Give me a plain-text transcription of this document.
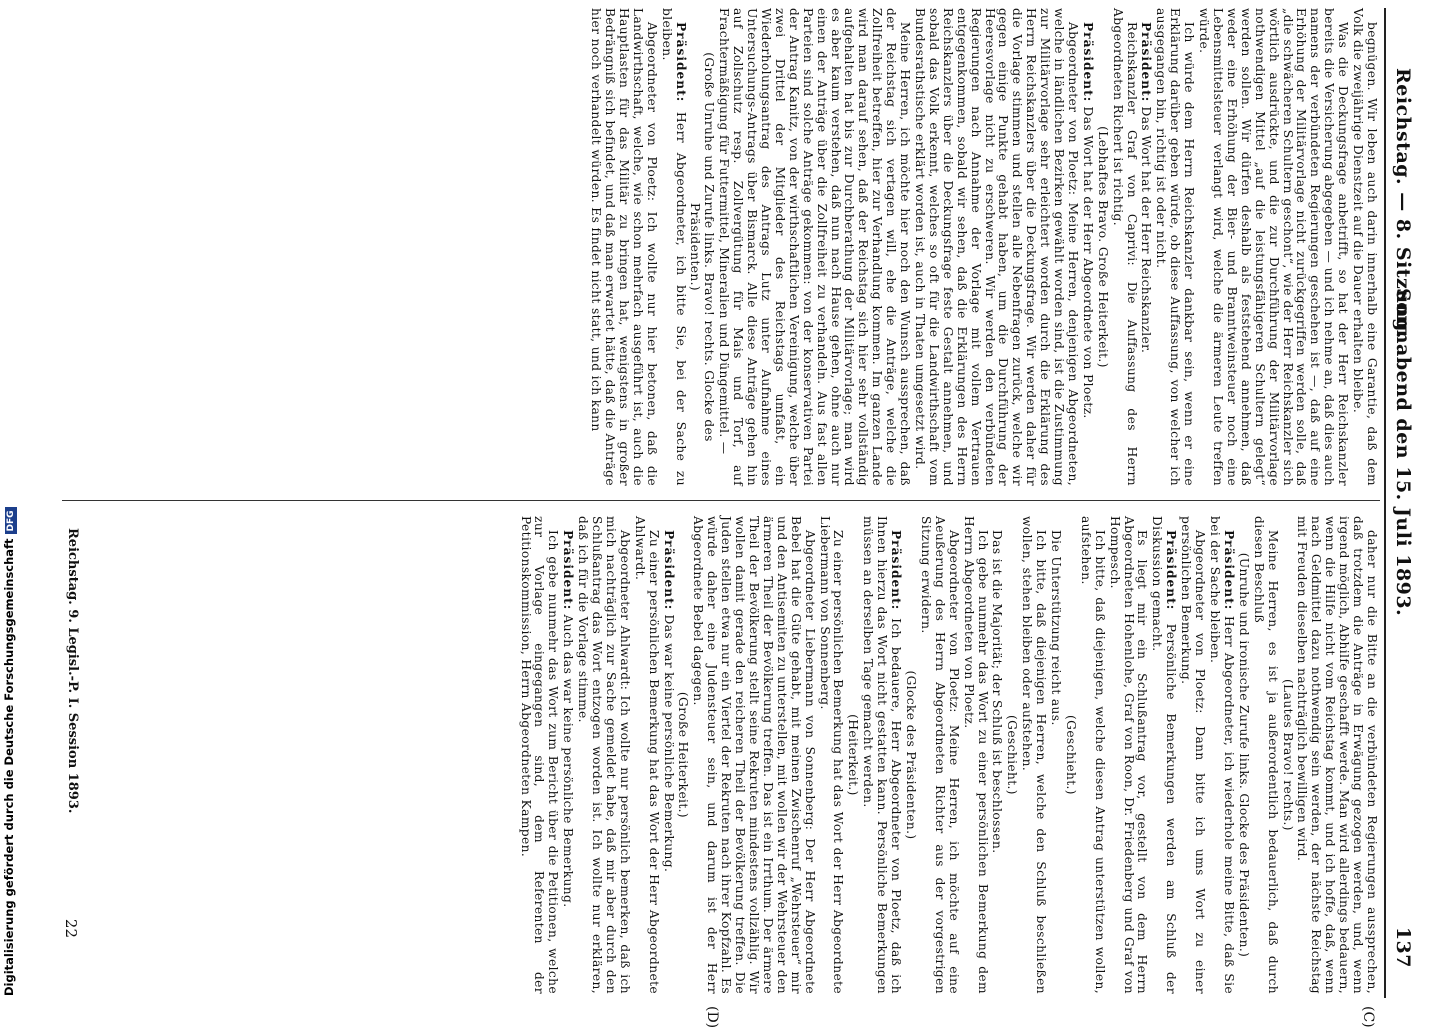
Reichstag. — 8. Sitzung.
Sonnabend den 15. Juli 1893.
137
(C)
(D)

begnügen. Wir leben auch darin innerhalb eine Garantie, daß dem Volk die zweijährige Dienstzeit auf die Dauer erhalten bleibe.

Was die Deckungsfrage anbetrifft, so hat der Herr Reichskanzler bereits die Versicherung abgegeben — und ich nehme an, daß dies auch namens der verbündeten Regierungen geschehen ist —, daß auf eine Erhöhung der Militärvorlage nicht zurückgegriffen werden solle, daß „die schwächeren Schultern geschont“, wie der Herr Reichskanzler sich wörtlich ausdrückte, und die zur Durchführung der Militärvorlage nothwendigen Mittel „auf die leistungsfähigeren Schultern gelegt“ werden sollen. Wir dürfen deshalb als feststehend annehmen, daß weder eine Erhöhung der Bier- und Branntweinsteuer noch eine Lebensmittelsteuer verlangt wird, welche die ärmeren Leute treffen würde.

Ich würde dem Herrn Reichskanzler dankbar sein, wenn er eine Erklärung darüber geben würde, ob diese Auffassung, von welcher ich ausgegangen bin, richtig ist oder nicht.

Präsident: Das Wort hat der Herr Reichskanzler.

Reichskanzler Graf von Caprivi: Die Auffassung des Herrn Abgeordneten Richert ist richtig.

(Lebhaftes Bravo. Große Heiterkeit.)

Präsident: Das Wort hat der Herr Abgeordnete von Ploetz.

Abgeordneter von Ploetz: Meine Herren, denjenigen Abgeordneten, welche in ländlichen Bezirken gewählt worden sind, ist die Zustimmung zur Militärvorlage sehr erleichtert worden durch die Erklärung des Herrn Reichskanzlers über die Deckungsfrage. Wir werden daher für die Vorlage stimmen und stellen alle Nebenfragen zurück, welche wir gegen einige Punkte gehabt haben, um die Durchführung der Heeresvorlage nicht zu erschweren. Wir werden den verbündeten Regierungen nach Annahme der Vorlage mit vollem Vertrauen entgegenkommen, sobald wir sehen, daß die Erklärungen des Herrn Reichskanzlers über die Deckungsfrage feste Gestalt annehmen, und sobald das Volk erkennt, welches so oft für die Landwirthschaft vom Bundesrathstische erklärt worden ist, auch in Thaten umgesetzt wird.

Meine Herren, ich möchte hier noch den Wunsch aussprechen, daß der Reichstag sich vertagen will, ehe die Anträge, welche die Zollfreiheit betreffen, hier zur Verhandlung kommen. Im ganzen Lande wird man darauf sehen, daß der Reichstag sich hier sehr vollständig aufgehalten hat bis zur Durchberathung der Militärvorlage; man wird es aber kaum verstehen, daß nun nach Hause gehen, ohne auch nur einen der Anträge über die Zollfreiheit zu verhandeln. Aus fast allen Parteien sind solche Anträge gekommen: von der konservativen Partei der Antrag Kanitz, von der wirthschaftlichen Vereinigung, welche über zwei Drittel der Mitglieder des Reichstags umfaßt, ein Wiederholungsantrag des Antrags Lutz unter Aufnahme eines Untersuchungs-Antrags über Bismarck. Alle diese Anträge gehen hin auf Zollschutz resp. Zollvergütung für Mais und Torf, auf Frachtermäßigung für Futtermittel, Mineralien und Düngemittel. —

(Große Unruhe und Zurufe links. Bravo! rechts. Glocke des Präsidenten.)

Präsident: Herr Abgeordneter, ich bitte Sie, bei der Sache zu bleiben.

Abgeordneter von Ploetz: Ich wollte nur hier betonen, daß die Landwirthschaft, welche, wie schon mehrfach ausgeführt ist, auch die Hauptlasten für das Militär zu bringen hat, wenigstens in großer Bedrängniß sich befindet, und daß man erwartet hätte, daß die Anträge hier noch verhandelt würden. Es findet nicht statt, und ich kann

daher nur die Bitte an die verbündeten Regierungen aussprechen, daß trotzdem die Anträge in Erwägung gezogen werden, und, wenn irgend möglich, Abhilfe geschafft werde. Man wird allerdings bedauern, wenn die Hilfe nicht vom Reichstag kommt, und ich hoffe, daß, wenn nach Geldmittel dazu nothwendig sein werden, der nächste Reichstag mit Freuden dieselben nachträglich bewilligen wird.

(Lautes Bravo! rechts.)

Meine Herren, es ist ja außerordentlich bedauerlich, daß durch diesen Beschluß

(Unruhe und ironische Zurufe links. Glocke des Präsidenten.)

Präsident: Herr Abgeordneter, ich wiederhole meine Bitte, daß Sie bei der Sache bleiben.

Abgeordneter von Ploetz: Dann bitte ich ums Wort zu einer persönlichen Bemerkung.

Präsident: Persönliche Bemerkungen werden am Schluß der Diskussion gemacht.

Es liegt mir ein Schlußantrag vor, gestellt von dem Herrn Abgeordneten Hohenlohe, Graf von Roon, Dr. Friedenberg und Graf von Hompesch.

Ich bitte, daß diejenigen, welche diesen Antrag unterstützen wollen, aufstehen.

(Geschieht.)

Die Unterstützung reicht aus.

Ich bitte, daß diejenigen Herren, welche den Schluß beschließen wollen, stehen bleiben oder aufstehen.

(Geschieht.)

Das ist die Majorität; der Schluß ist beschlossen.

Ich gebe nunmehr das Wort zu einer persönlichen Bemerkung dem Herrn Abgeordneten von Ploetz.

Abgeordneter von Ploetz: Meine Herren, ich möchte auf eine Aeußerung des Herrn Abgeordneten Richter aus der vorgestrigen Sitzung erwidern.

(Glocke des Präsidenten.)

Präsident: Ich bedauere, Herr Abgeordneter von Ploetz, daß ich Ihnen hierzu das Wort nicht gestatten kann. Persönliche Bemerkungen müssen an derselben Tage gemacht werden.

(Heiterkeit.)

Zu einer persönlichen Bemerkung hat das Wort der Herr Abgeordnete Liebermann von Sonnenberg.

Abgeordneter Liebermann von Sonnenberg: Der Herr Abgeordnete Bebel hat die Güte gehabt, mit meinen Zwischenruf „Wehrsteuer“ mir und den Antisemiten zu unterstellen, mit wollen wir der Wehrsteuer den ärmeren Theil der Bevölkerung treffen. Das ist ein Irrthum. Der ärmere Theil der Bevölkerung stellt seine Rekruten mindestens vollzählig. Wir wollen damit gerade den reicheren Theil der Bevölkerung treffen. Die Juden stellen etwa nur ein Viertel der Rekruten nach ihrer Kopfzahl. Es würde daher eine Judensteuer sein, und darum ist der Herr Abgeordnete Bebel dagegen.

(Große Heiterkeit.)

Präsident: Das war keine persönliche Bemerkung.

Zu einer persönlichen Bemerkung hat das Wort der Herr Abgeordnete Ahlwardt.

Abgeordneter Ahlwardt: Ich wollte nur persönlich bemerken, daß ich mich nachträglich zur Sache gemeldet habe, daß mir aber durch den Schlußantrag das Wort entzogen worden ist. Ich wollte nur erklären, daß ich für die Vorlage stimme.

Präsident: Auch das war keine persönliche Bemerkung.

Ich gebe nunmehr das Wort zum Bericht über die Petitionen, welche zur Vorlage eingegangen sind, dem Referenten der Petitionskommission, Herrn Abgeordneten Kampen.

Reichstag. 9. Legisl.-P. I. Session 1893.
22
Digitalisierung gefördert durch die Deutsche ForschungsgemeinschaftDFG
